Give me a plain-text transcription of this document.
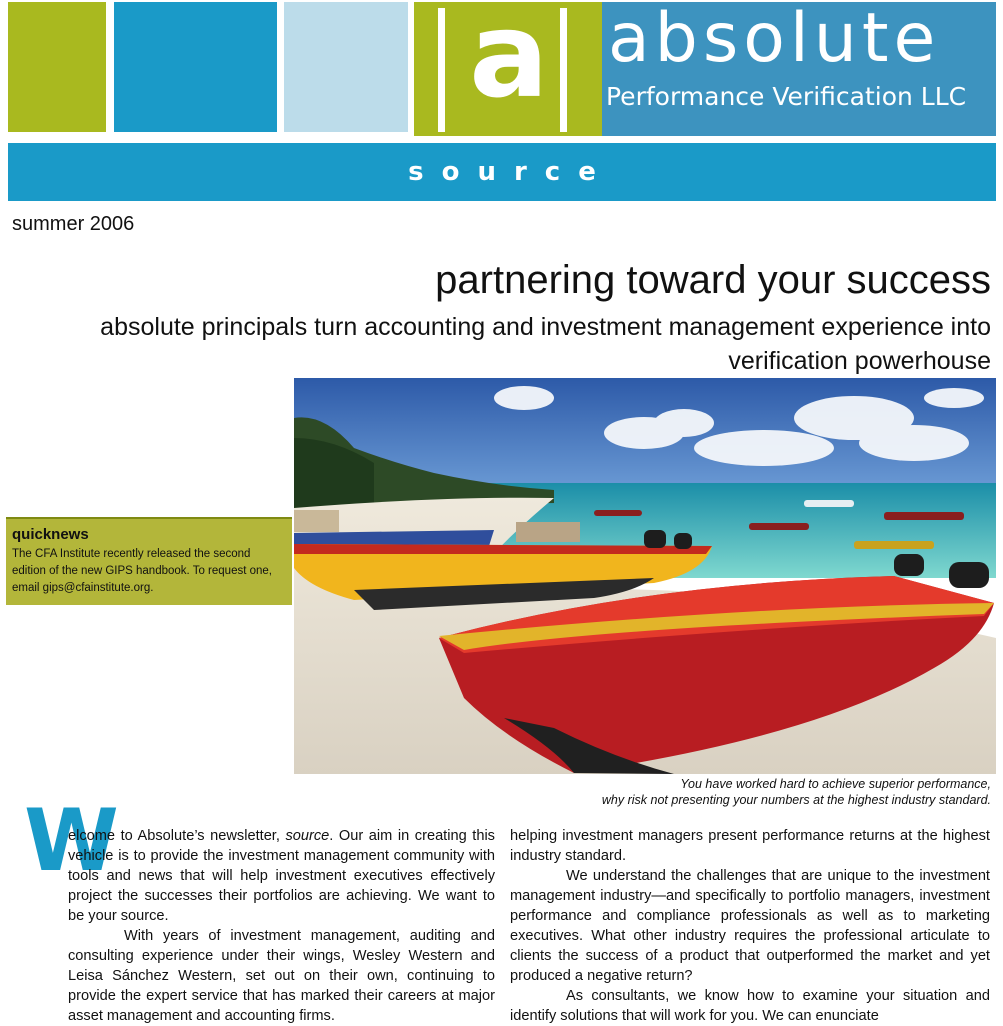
a absolute
Performance Verification LLC
source
summer 2006
partnering toward your success
absolute principals turn accounting and investment management experience into verification powerhouse
You have worked hard to achieve superior performance,
why risk not presenting your numbers at the highest industry standard.
quicknews
The CFA Institute recently released the second edition of the new GIPS handbook. To request one, email gips@cfainstitute.org.
W

elcome to Absolute’s newsletter, source. Our aim in creating this vehicle is to provide the investment management community with tools and news that will help investment executives effectively project the successes their portfolios are achieving. We want to be your source.

With years of investment management, auditing and consulting experience under their wings, Wesley Western and Leisa Sánchez Western, set out on their own, continuing to provide the expert service that has marked their careers at major asset management and accounting firms.

helping investment managers present performance returns at the highest industry standard.

We understand the challenges that are unique to the investment management industry—and specifically to portfolio managers, investment performance and compliance professionals as well as to marketing executives. What other industry requires the professional articulate to clients the success of a product that outperformed the market and yet produced a negative return?

As consultants, we know how to examine your situation and identify solutions that will work for you. We can enunciate
